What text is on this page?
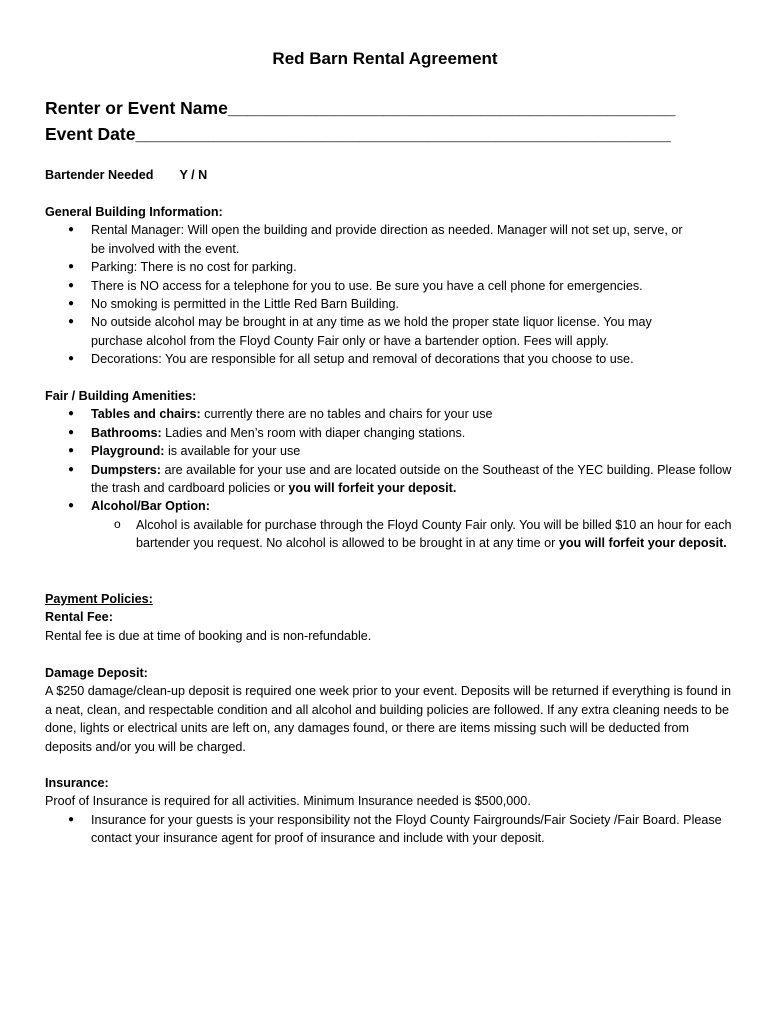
Red Barn Rental Agreement
Renter or Event Name______________________________________________
Event Date_______________________________________________________
Bartender Needed Y / N
General Building Information:
● Rental Manager: Will open the building and provide direction as needed. Manager will not set up, serve, or be involved with the event.
● Parking: There is no cost for parking.
● There is NO access for a telephone for you to use. Be sure you have a cell phone for emergencies.
● No smoking is permitted in the Little Red Barn Building.
● No outside alcohol may be brought in at any time as we hold the proper state liquor license. You may purchase alcohol from the Floyd County Fair only or have a bartender option. Fees will apply.
● Decorations: You are responsible for all setup and removal of decorations that you choose to use.
Fair / Building Amenities:
● Tables and chairs: currently there are no tables and chairs for your use
● Bathrooms: Ladies and Men’s room with diaper changing stations.
● Playground: is available for your use
● Dumpsters: are available for your use and are located outside on the Southeast of the YEC building. Please follow the trash and cardboard policies or you will forfeit your deposit.
● Alcohol/Bar Option:
o Alcohol is available for purchase through the Floyd County Fair only. You will be billed $10 an hour for each bartender you request. No alcohol is allowed to be brought in at any time or you will forfeit your deposit.
Payment Policies:
Rental Fee:
Rental fee is due at time of booking and is non-refundable.
Damage Deposit:
A $250 damage/clean-up deposit is required one week prior to your event. Deposits will be returned if everything is found in a neat, clean, and respectable condition and all alcohol and building policies are followed. If any extra cleaning needs to be done, lights or electrical units are left on, any damages found, or there are items missing such will be deducted from deposits and/or you will be charged.
Insurance:
Proof of Insurance is required for all activities. Minimum Insurance needed is $500,000.
● Insurance for your guests is your responsibility not the Floyd County Fairgrounds/Fair Society /Fair Board. Please contact your insurance agent for proof of insurance and include with your deposit.
